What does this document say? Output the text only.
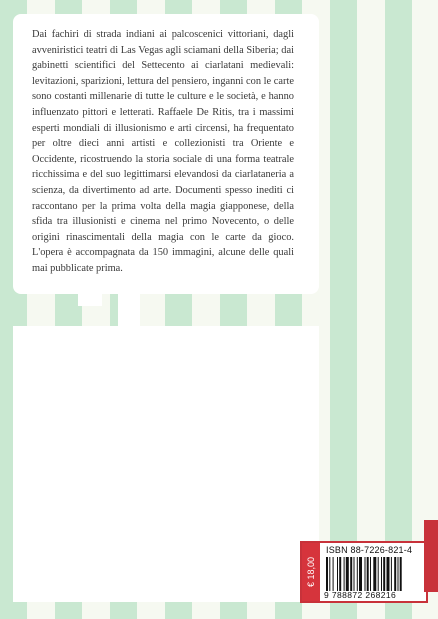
Dai fachiri di strada indiani ai palcoscenici vittoriani, dagli avveniristici teatri di Las Vegas agli sciamani della Siberia; dai gabinetti scientifici del Settecento ai ciarlatani medievali: levitazioni, sparizioni, lettura del pensiero, inganni con le carte sono costanti millenarie di tutte le culture e le società, e hanno influenzato pittori e letterati. Raffaele De Ritis, tra i massimi esperti mondiali di illusionismo e arti circensi, ha frequentato per oltre dieci anni artisti e collezionisti tra Oriente e Occidente, ricostruendo la storia sociale di una forma teatrale ricchissima e del suo legittimarsi elevandosi da ciarlataneria a scienza, da divertimento ad arte. Documenti spesso inediti ci raccontano per la prima volta della magia giapponese, della sfida tra illusionisti e cinema nel primo Novecento, o delle origini rinascimentali della magia con le carte da gioco. L'opera è accompagnata da 150 immagini, alcune delle quali mai pubblicate prima.

€ 18,00
ISBN 88-7226-821-4
9 788872 268216
